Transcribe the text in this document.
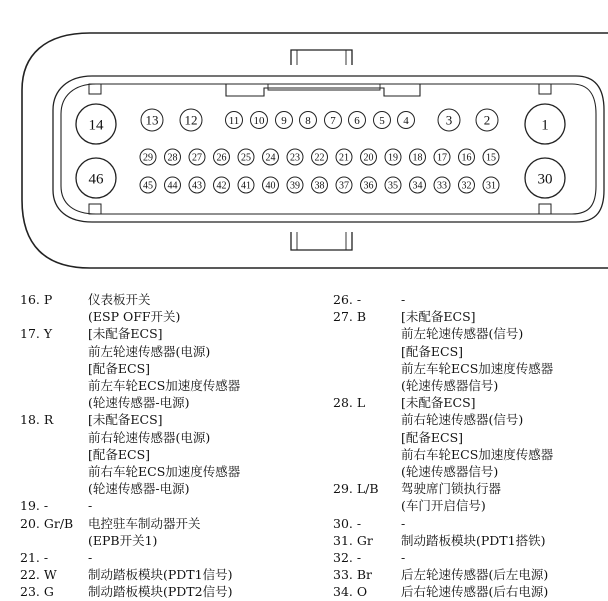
14	1
46	30
13 12	11 10 9 8 7 6 5 4	3 2
29
45
28
44
27
43
26
42
25
41
24
40
23
39
22
38
21
37
20
36
19
35
18
34
17
33
16
32
15
31
16. P	仪表板开关
(ESP OFF开关)
17. Y	[未配备ECS]
前左轮速传感器(电源)
[配备ECS]
前左车轮ECS加速度传感器
(轮速传感器-电源)
18. R	[未配备ECS]
前右轮速传感器(电源)
[配备ECS]
前右车轮ECS加速度传感器
(轮速传感器-电源)
19. -	-
20. Gr/B 电控驻车制动器开关
(EPB开关1)
21. -	-
22. W	制动踏板模块(PDT1信号)
23. G	制动踏板模块(PDT2信号)
26. -	-
27. B	[未配备ECS]
前左轮速传感器(信号)
[配备ECS]
前左车轮ECS加速度传感器
(轮速传感器信号)
28. L	[未配备ECS]
前右轮速传感器(信号)
[配备ECS]
前右车轮ECS加速度传感器
(轮速传感器信号)
29. L/B 驾驶席门锁执行器
(车门开启信号)
30. -	-
31. Gr 制动踏板模块(PDT1搭铁)
32. -	-
33. Br 后左轮速传感器(后左电源)
34. O	后右轮速传感器(后右电源)
